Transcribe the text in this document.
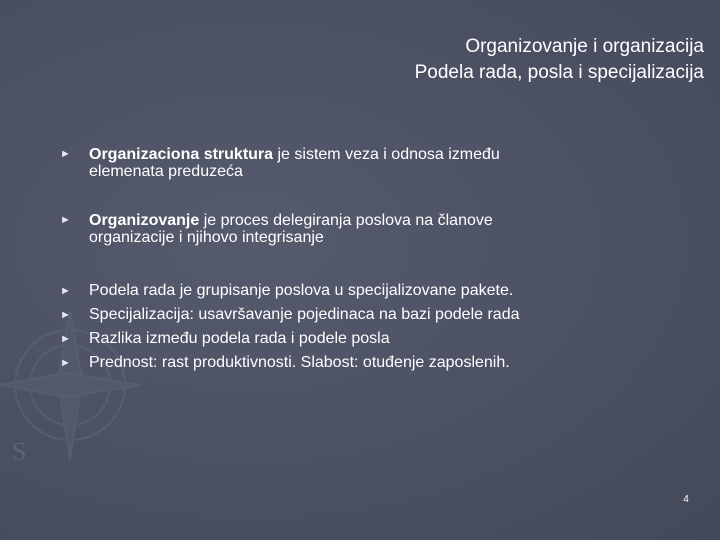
S
Organizovanje i organizacija
Podela rada, posla i specijalizacija
► Organizaciona struktura je sistem veza i odnosa između
elemenata preduzeća
► Organizovanje je proces delegiranja poslova na članove
organizacije i njihovo integrisanje
► Podela rada je grupisanje poslova u specijalizovane pakete.
► Specijalizacija: usavršavanje pojedinaca na bazi podele rada
► Razlika između podela rada i podele posla
► Prednost: rast produktivnosti. Slabost: otuđenje zaposlenih.
4
